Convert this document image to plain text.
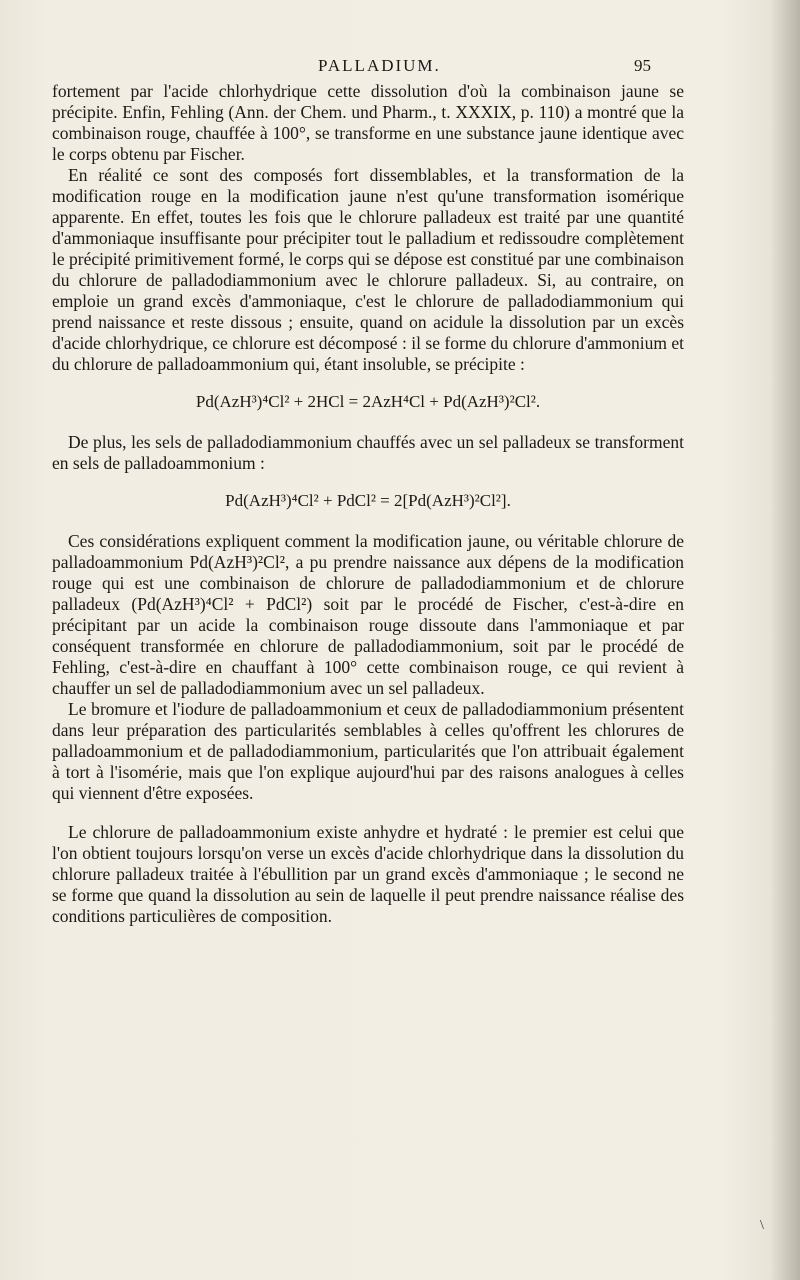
PALLADIUM.	95

fortement par l'acide chlorhydrique cette dissolution d'où la combinaison jaune se précipite. Enfin, Fehling (Ann. der Chem. und Pharm., t. XXXIX, p. 110) a montré que la combinaison rouge, chauffée à 100°, se transforme en une substance jaune identique avec le corps obtenu par Fischer.

En réalité ce sont des composés fort dissemblables, et la transformation de la modification rouge en la modification jaune n'est qu'une transformation isomérique apparente. En effet, toutes les fois que le chlorure palladeux est traité par une quantité d'ammoniaque insuffisante pour précipiter tout le palladium et redissoudre complètement le précipité primitivement formé, le corps qui se dépose est constitué par une combinaison du chlorure de palladodiammonium avec le chlorure palladeux. Si, au contraire, on emploie un grand excès d'ammoniaque, c'est le chlorure de palladodiammonium qui prend naissance et reste dissous ; ensuite, quand on acidule la dissolution par un excès d'acide chlorhydrique, ce chlorure est décomposé : il se forme du chlorure d'ammonium et du chlorure de palladoammonium qui, étant insoluble, se précipite :

Pd(AzH³)⁴Cl² + 2HCl = 2AzH⁴Cl + Pd(AzH³)²Cl².

De plus, les sels de palladodiammonium chauffés avec un sel palladeux se transforment en sels de palladoammonium :

Pd(AzH³)⁴Cl² + PdCl² = 2[Pd(AzH³)²Cl²].

Ces considérations expliquent comment la modification jaune, ou véritable chlorure de palladoammonium Pd(AzH³)²Cl², a pu prendre naissance aux dépens de la modification rouge qui est une combinaison de chlorure de palladodiammonium et de chlorure palladeux (Pd(AzH³)⁴Cl² + PdCl²) soit par le procédé de Fischer, c'est-à-dire en précipitant par un acide la combinaison rouge dissoute dans l'ammoniaque et par conséquent transformée en chlorure de palladodiammonium, soit par le procédé de Fehling, c'est-à-dire en chauffant à 100° cette combinaison rouge, ce qui revient à chauffer un sel de palladodiammonium avec un sel palladeux.

Le bromure et l'iodure de palladoammonium et ceux de palladodiammonium présentent dans leur préparation des particularités semblables à celles qu'offrent les chlorures de palladoammonium et de palladodiammonium, particularités que l'on attribuait également à tort à l'isomérie, mais que l'on explique aujourd'hui par des raisons analogues à celles qui viennent d'être exposées.

Le chlorure de palladoammonium existe anhydre et hydraté : le premier est celui que l'on obtient toujours lorsqu'on verse un excès d'acide chlorhydrique dans la dissolution du chlorure palladeux traitée à l'ébullition par un grand excès d'ammoniaque ; le second ne se forme que quand la dissolution au sein de laquelle il peut prendre naissance réalise des conditions particulières de composition.

\
